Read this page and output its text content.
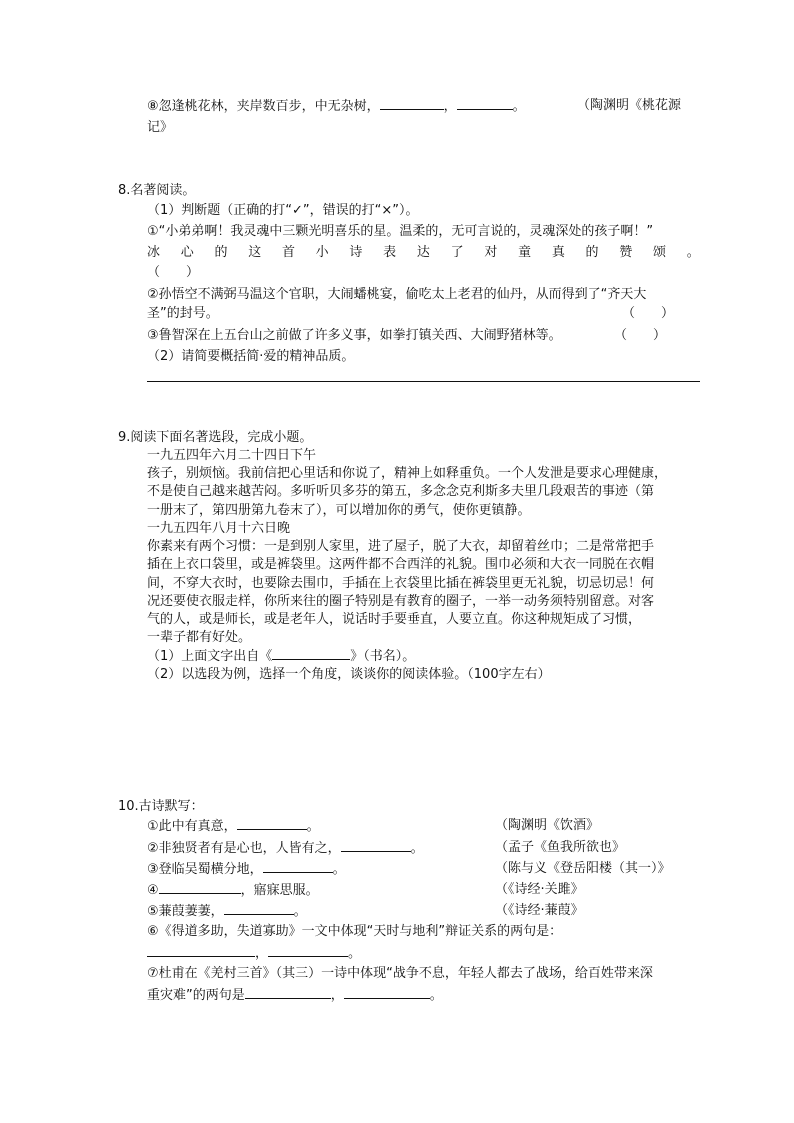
⑧忽逢桃花林，夹岸数百步，中无杂树，	，	。	（陶渊明《桃花源
记》
8.名著阅读。
（1）判断题（正确的打“✓”，错误的打“×”）。
①“小弟弟啊！我灵魂中三颗光明喜乐的星。温柔的，无可言说的，灵魂深处的孩子啊！”
冰 心 的 这 首 小 诗 表 达 了 对 童 真 的 赞 颂 。
（　　）
②孙悟空不满弼马温这个官职，大闹蟠桃宴，偷吃太上老君的仙丹，从而得到了“齐天大
圣”的封号。	（　　）
③鲁智深在上五台山之前做了许多义事，如拳打镇关西、大闹野猪林等。	（　　）
（2）请简要概括简·爱的精神品质。
9.阅读下面名著选段，完成小题。
一九五四年六月二十四日下午
孩子，别烦恼。我前信把心里话和你说了，精神上如释重负。一个人发泄是要求心理健康，
不是使自己越来越苦闷。多听听贝多芬的第五，多念念克利斯多夫里几段艰苦的事迹（第
一册末了，第四册第九卷末了），可以增加你的勇气，使你更镇静。
一九五四年八月十六日晚
你素来有两个习惯：一是到别人家里，进了屋子，脱了大衣，却留着丝巾；二是常常把手
插在上衣口袋里，或是裤袋里。这两件都不合西洋的礼貌。围巾必须和大衣一同脱在衣帽
间，不穿大衣时，也要除去围巾，手插在上衣袋里比插在裤袋里更无礼貌，切忌切忌！何
况还要使衣服走样，你所来往的圈子特别是有教育的圈子，一举一动务须特别留意。对客
气的人，或是师长，或是老年人，说话时手要垂直，人要立直。你这种规矩成了习惯，
一辈子都有好处。
（1）上面文字出自《	》（书名）。
（2）以选段为例，选择一个角度，谈谈你的阅读体验。（100字左右）
10.古诗默写：
①此中有真意，	。	（陶渊明《饮酒》
②非独贤者有是心也，人皆有之，	。	（孟子《鱼我所欲也》
③登临吴蜀横分地，	。	（陈与义《登岳阳楼（其一）》
④	，寤寐思服。	（《诗经·关雎》
⑤蒹葭萋萋，	。	（《诗经·蒹葭》
⑥《得道多助，失道寡助》一文中体现“天时与地利”辩证关系的两句是：
，	。
⑦杜甫在《羌村三首》（其三）一诗中体现“战争不息，年轻人都去了战场，给百姓带来深
重灾难”的两句是	，	。
